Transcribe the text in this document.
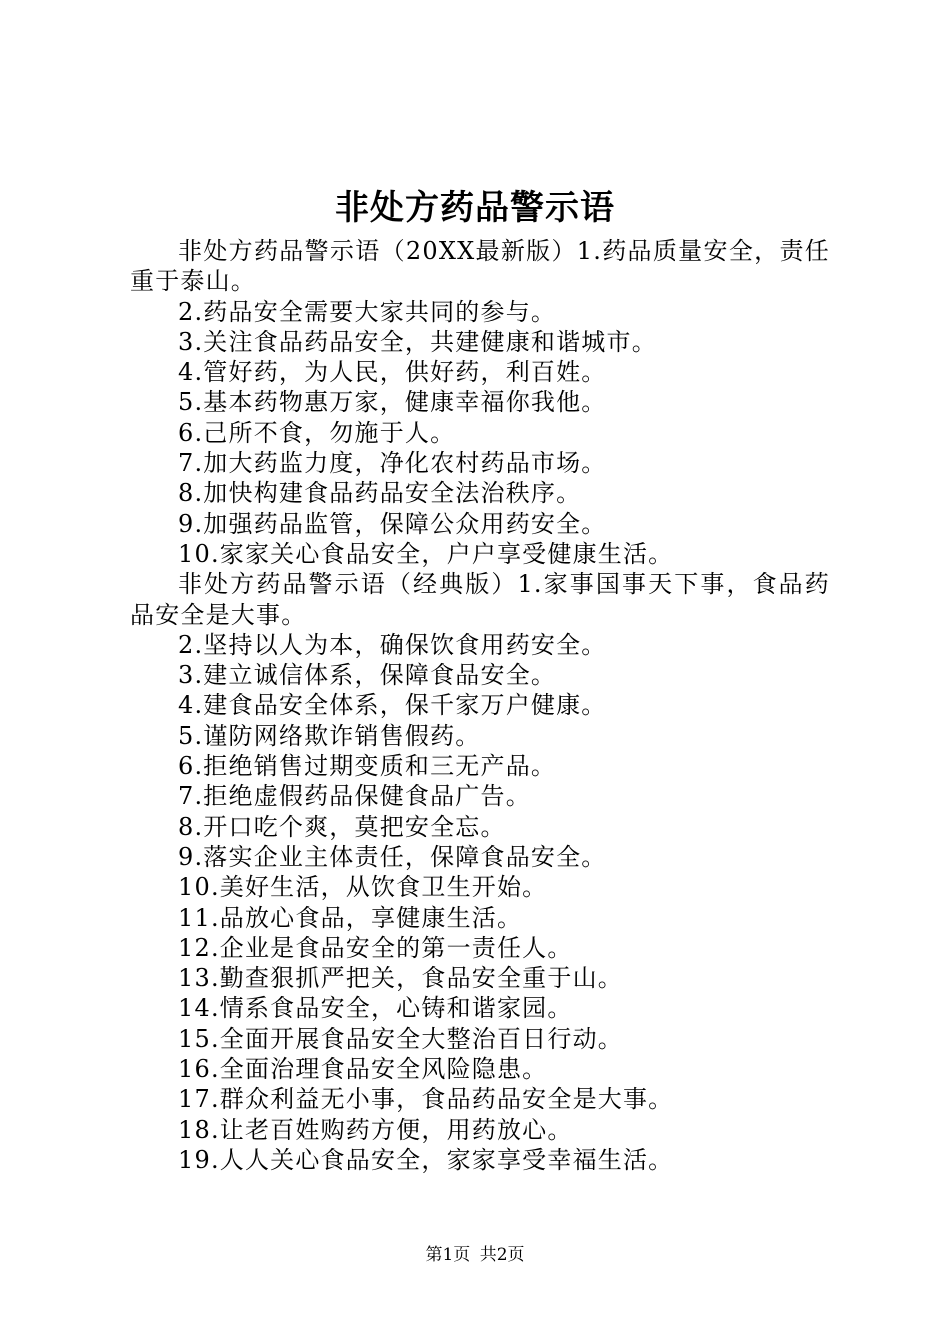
非处方药品警示语

非处方药品警示语（20XX最新版）1.药品质量安全，责任重于泰山。

2.药品安全需要大家共同的参与。

3.关注食品药品安全，共建健康和谐城市。

4.管好药，为人民，供好药，利百姓。

5.基本药物惠万家，健康幸福你我他。

6.己所不食，勿施于人。

7.加大药监力度，净化农村药品市场。

8.加快构建食品药品安全法治秩序。

9.加强药品监管，保障公众用药安全。

10.家家关心食品安全，户户享受健康生活。

非处方药品警示语（经典版）1.家事国事天下事，食品药品安全是大事。

2.坚持以人为本，确保饮食用药安全。

3.建立诚信体系，保障食品安全。

4.建食品安全体系，保千家万户健康。

5.谨防网络欺诈销售假药。

6.拒绝销售过期变质和三无产品。

7.拒绝虚假药品保健食品广告。

8.开口吃个爽，莫把安全忘。

9.落实企业主体责任，保障食品安全。

10.美好生活，从饮食卫生开始。

11.品放心食品，享健康生活。

12.企业是食品安全的第一责任人。

13.勤查狠抓严把关，食品安全重于山。

14.情系食品安全，心铸和谐家园。

15.全面开展食品安全大整治百日行动。

16.全面治理食品安全风险隐患。

17.群众利益无小事，食品药品安全是大事。

18.让老百姓购药方便，用药放心。

19.人人关心食品安全，家家享受幸福生活。

第1页 共2页
